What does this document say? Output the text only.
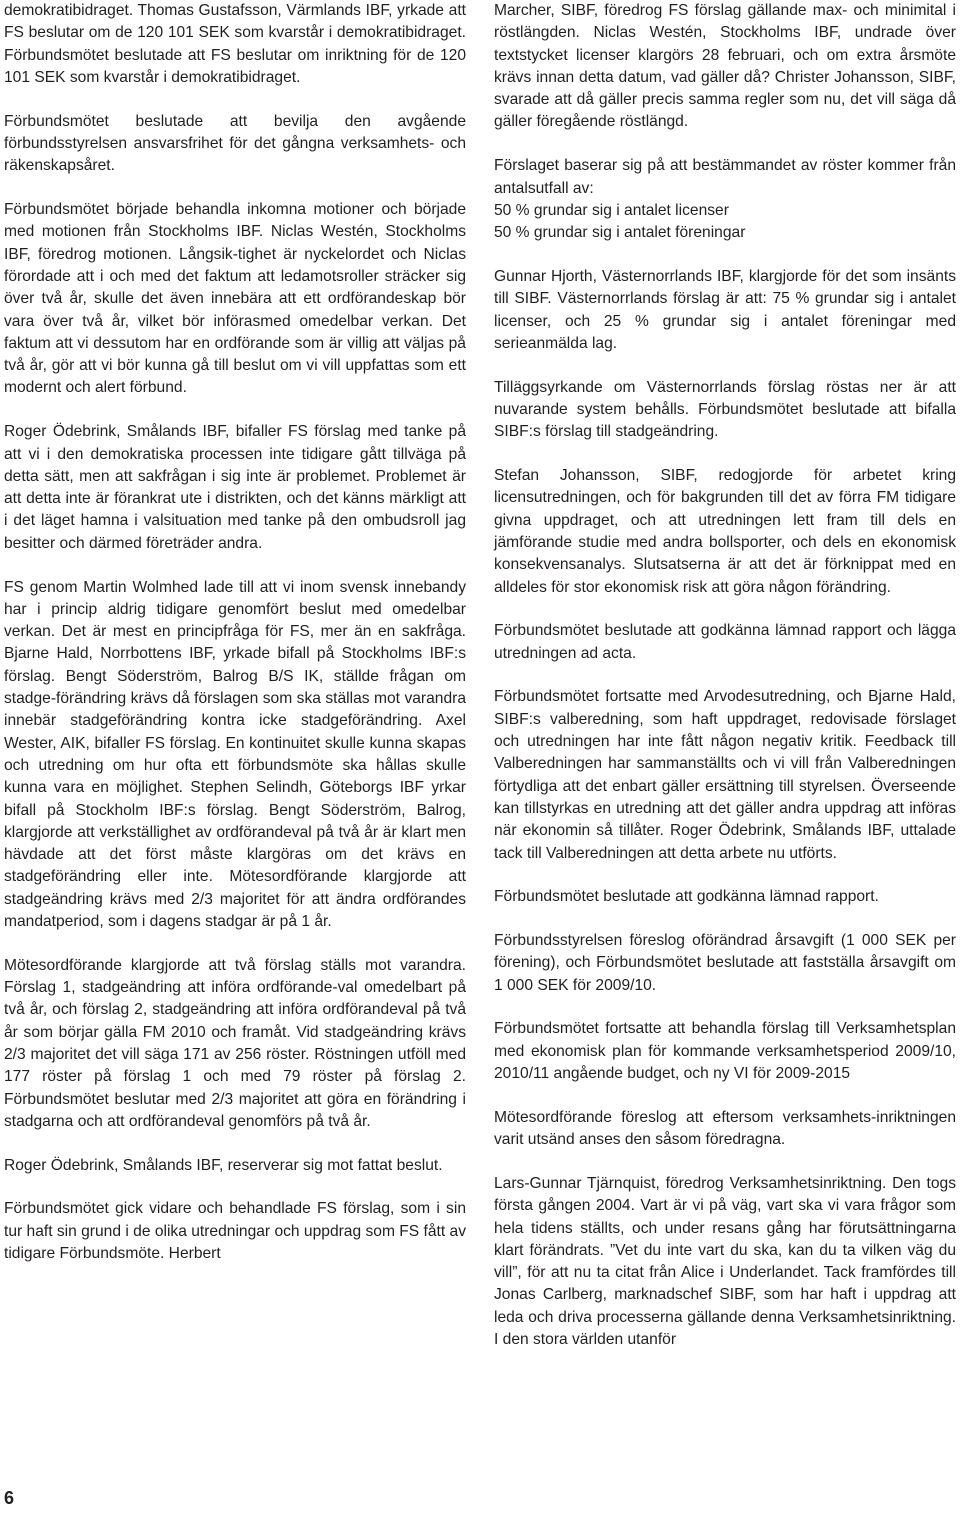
demokratibidraget. Thomas Gustafsson, Värmlands IBF, yrkade att FS beslutar om de 120 101 SEK som kvarstår i demokratibidraget. Förbundsmötet beslutade att FS beslutar om inriktning för de 120 101 SEK som kvarstår i demokratibidraget.

Förbundsmötet beslutade att bevilja den avgående förbundsstyrelsen ansvarsfrihet för det gångna verksamhets- och räkenskapsåret.

Förbundsmötet började behandla inkomna motioner och började med motionen från Stockholms IBF. Niclas Westén, Stockholms IBF, föredrog motionen. Långsik-tighet är nyckelordet och Niclas förordade att i och med det faktum att ledamotsroller sträcker sig över två år, skulle det även innebära att ett ordförandeskap bör vara över två år, vilket bör införasmed omedelbar verkan. Det faktum att vi dessutom har en ordförande som är villig att väljas på två år, gör att vi bör kunna gå till beslut om vi vill uppfattas som ett modernt och alert förbund.

Roger Ödebrink, Smålands IBF, bifaller FS förslag med tanke på att vi i den demokratiska processen inte tidigare gått tillväga på detta sätt, men att sakfrågan i sig inte är problemet. Problemet är att detta inte är förankrat ute i distrikten, och det känns märkligt att i det läget hamna i valsituation med tanke på den ombudsroll jag besitter och därmed företräder andra.

FS genom Martin Wolmhed lade till att vi inom svensk innebandy har i princip aldrig tidigare genomfört beslut med omedelbar verkan. Det är mest en principfråga för FS, mer än en sakfråga. Bjarne Hald, Norrbottens IBF, yrkade bifall på Stockholms IBF:s förslag. Bengt Söderström, Balrog B/S IK, ställde frågan om stadge-förändring krävs då förslagen som ska ställas mot varandra innebär stadgeförändring kontra icke stadgeförändring. Axel Wester, AIK, bifaller FS förslag. En kontinuitet skulle kunna skapas och utredning om hur ofta ett förbundsmöte ska hållas skulle kunna vara en möjlighet. Stephen Selindh, Göteborgs IBF yrkar bifall på Stockholm IBF:s förslag. Bengt Söderström, Balrog, klargjorde att verkställighet av ordförandeval på två år är klart men hävdade att det först måste klargöras om det krävs en stadgeförändring eller inte. Mötesordförande klargjorde att stadgeändring krävs med 2/3 majoritet för att ändra ordförandes mandatperiod, som i dagens stadgar är på 1 år.

Mötesordförande klargjorde att två förslag ställs mot varandra. Förslag 1, stadgeändring att införa ordförande-val omedelbart på två år, och förslag 2, stadgeändring att införa ordförandeval på två år som börjar gälla FM 2010 och framåt. Vid stadgeändring krävs 2/3 majoritet det vill säga 171 av 256 röster. Röstningen utföll med 177 röster på förslag 1 och med 79 röster på förslag 2. Förbundsmötet beslutar med 2/3 majoritet att göra en förändring i stadgarna och att ordförandeval genomförs på två år.

Roger Ödebrink, Smålands IBF, reserverar sig mot fattat beslut.

Förbundsmötet gick vidare och behandlade FS förslag, som i sin tur haft sin grund i de olika utredningar och uppdrag som FS fått av tidigare Förbundsmöte. Herbert

Marcher, SIBF, föredrog FS förslag gällande max- och minimital i röstlängden. Niclas Westén, Stockholms IBF, undrade över textstycket licenser klargörs 28 februari, och om extra årsmöte krävs innan detta datum, vad gäller då? Christer Johansson, SIBF, svarade att då gäller precis samma regler som nu, det vill säga då gäller föregående röstlängd.

Förslaget baserar sig på att bestämmandet av röster kommer från antalsutfall av:
50 % grundar sig i antalet licenser
50 % grundar sig i antalet föreningar

Gunnar Hjorth, Västernorrlands IBF, klargjorde för det som insänts till SIBF. Västernorrlands förslag är att: 75 % grundar sig i antalet licenser, och 25 % grundar sig i antalet föreningar med serieanmälda lag.

Tilläggsyrkande om Västernorrlands förslag röstas ner är att nuvarande system behålls. Förbundsmötet beslutade att bifalla SIBF:s förslag till stadgeändring.

Stefan Johansson, SIBF, redogjorde för arbetet kring licensutredningen, och för bakgrunden till det av förra FM tidigare givna uppdraget, och att utredningen lett fram till dels en jämförande studie med andra bollsporter, och dels en ekonomisk konsekvensanalys. Slutsatserna är att det är förknippat med en alldeles för stor ekonomisk risk att göra någon förändring.

Förbundsmötet beslutade att godkänna lämnad rapport och lägga utredningen ad acta.

Förbundsmötet fortsatte med Arvodesutredning, och Bjarne Hald, SIBF:s valberedning, som haft uppdraget, redovisade förslaget och utredningen har inte fått någon negativ kritik. Feedback till Valberedningen har sammanställts och vi vill från Valberedningen förtydliga att det enbart gäller ersättning till styrelsen. Överseende kan tillstyrkas en utredning att det gäller andra uppdrag att införas när ekonomin så tillåter. Roger Ödebrink, Smålands IBF, uttalade tack till Valberedningen att detta arbete nu utförts.

Förbundsmötet beslutade att godkänna lämnad rapport.

Förbundsstyrelsen föreslog oförändrad årsavgift (1 000 SEK per förening), och Förbundsmötet beslutade att fastställa årsavgift om 1 000 SEK för 2009/10.

Förbundsmötet fortsatte att behandla förslag till Verksamhetsplan med ekonomisk plan för kommande verksamhetsperiod 2009/10, 2010/11 angående budget, och ny VI för 2009-2015

Mötesordförande föreslog att eftersom verksamhets-inriktningen varit utsänd anses den såsom föredragna.

Lars-Gunnar Tjärnquist, föredrog Verksamhetsinriktning. Den togs första gången 2004. Vart är vi på väg, vart ska vi vara frågor som hela tidens ställts, och under resans gång har förutsättningarna klart förändrats. ”Vet du inte vart du ska, kan du ta vilken väg du vill”, för att nu ta citat från Alice i Underlandet. Tack framfördes till Jonas Carlberg, marknadschef SIBF, som har haft i uppdrag att leda och driva processerna gällande denna Verksamhetsinriktning. I den stora världen utanför

6
